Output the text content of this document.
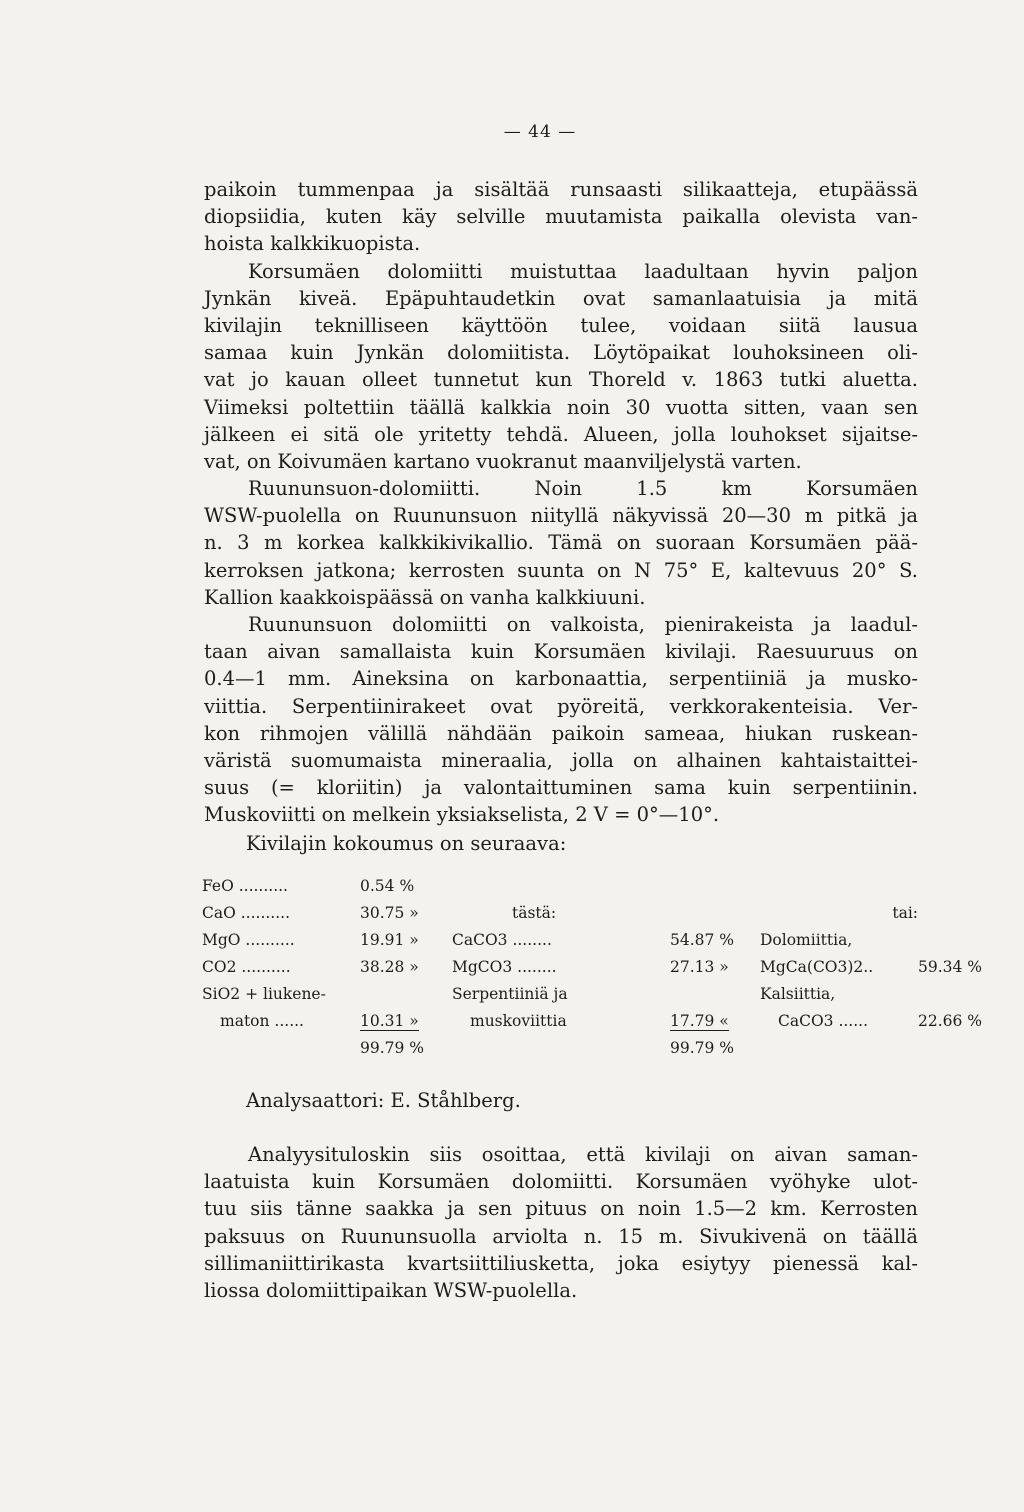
— 44 —
paikoin tummenpaa ja sisältää runsaasti silikaatteja, etupäässä
diopsiidia, kuten käy selville muutamista paikalla olevista van-
hoista kalkkikuopista.
Korsumäen dolomiitti muistuttaa laadultaan hyvin paljon
Jynkän kiveä. Epäpuhtaudetkin ovat samanlaatuisia ja mitä
kivilajin teknilliseen käyttöön tulee, voidaan siitä lausua
samaa kuin Jynkän dolomiitista. Löytöpaikat louhoksineen oli-
vat jo kauan olleet tunnetut kun Thoreld v. 1863 tutki aluetta.
Viimeksi poltettiin täällä kalkkia noin 30 vuotta sitten, vaan sen
jälkeen ei sitä ole yritetty tehdä. Alueen, jolla louhokset sijaitse-
vat, on Koivumäen kartano vuokranut maanviljelystä varten.
Ruununsuon-dolomiitti. Noin 1.5 km Korsumäen
WSW-puolella on Ruununsuon niityllä näkyvissä 20—30 m pitkä ja
n. 3 m korkea kalkkikivikallio. Tämä on suoraan Korsumäen pää-
kerroksen jatkona; kerrosten suunta on N 75° E, kaltevuus 20° S.
Kallion kaakkoispäässä on vanha kalkkiuuni.
Ruununsuon dolomiitti on valkoista, pienirakeista ja laadul-
taan aivan samallaista kuin Korsumäen kivilaji. Raesuuruus on
0.4—1 mm. Aineksina on karbonaattia, serpentiiniä ja musko-
viittia. Serpentiinirakeet ovat pyöreitä, verkkorakenteisia. Ver-
kon rihmojen välillä nähdään paikoin sameaa, hiukan ruskean-
väristä suomumaista mineraalia, jolla on alhainen kahtaistaittei-
suus (= kloriitin) ja valontaittuminen sama kuin serpentiinin.
Muskoviitti on melkein yksiakselista, 2 V = 0°—10°.
Kivilajin kokoumus on seuraava:
FeO ..........	0.54 %				
CaO ..........	30.75 »	tästä:		tai:	
MgO ..........	19.91 »	CaCO3 ........	54.87 %	Dolomiittia,	
CO2 ..........	38.28 »	MgCO3 ........	27.13 »	MgCa(CO3)2..	59.34 %
SiO2 + liukene-		Serpentiiniä ja		Kalsiittia,	
maton ......	10.31 »	muskoviittia	17.79 «	CaCO3 ......	22.66 %
	99.79 %		99.79 %		
Analysaattori: E. Ståhlberg.
Analyysituloskin siis osoittaa, että kivilaji on aivan saman-
laatuista kuin Korsumäen dolomiitti. Korsumäen vyöhyke ulot-
tuu siis tänne saakka ja sen pituus on noin 1.5—2 km. Kerrosten
paksuus on Ruununsuolla arviolta n. 15 m. Sivukivenä on täällä
sillimaniittirikasta kvartsiittiliusketta, joka esiytyy pienessä kal-
liossa dolomiittipaikan WSW-puolella.
